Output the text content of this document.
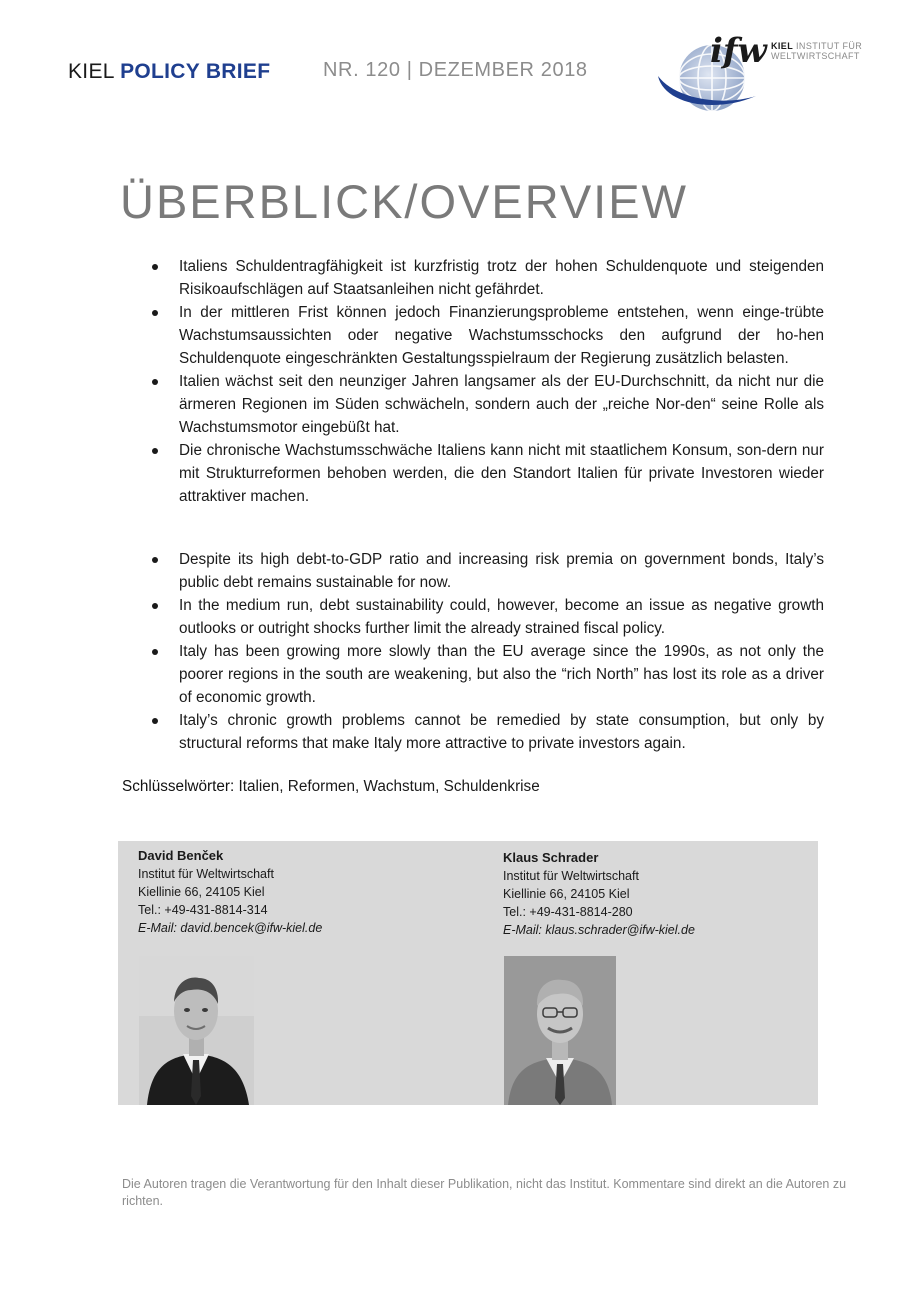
KIEL POLICY BRIEF	NR. 120 | DEZEMBER 2018	ifw KIEL INSTITUT FÜR
WELTWIRTSCHAFT
ÜBERBLICK/OVERVIEW
Italiens Schuldentragfähigkeit ist kurzfristig trotz der hohen Schuldenquote und steigenden Risikoaufschlägen auf Staatsanleihen nicht gefährdet.
In der mittleren Frist können jedoch Finanzierungsprobleme entstehen, wenn einge-trübte Wachstumsaussichten oder negative Wachstumsschocks den aufgrund der ho-hen Schuldenquote eingeschränkten Gestaltungsspielraum der Regierung zusätzlich belasten.
Italien wächst seit den neunziger Jahren langsamer als der EU-Durchschnitt, da nicht nur die ärmeren Regionen im Süden schwächeln, sondern auch der „reiche Nor-den“ seine Rolle als Wachstumsmotor eingebüßt hat.
Die chronische Wachstumsschwäche Italiens kann nicht mit staatlichem Konsum, son-dern nur mit Strukturreformen behoben werden, die den Standort Italien für private Investoren wieder attraktiver machen.
Despite its high debt-to-GDP ratio and increasing risk premia on government bonds, Italy’s public debt remains sustainable for now.
In the medium run, debt sustainability could, however, become an issue as negative growth outlooks or outright shocks further limit the already strained fiscal policy.
Italy has been growing more slowly than the EU average since the 1990s, as not only the poorer regions in the south are weakening, but also the “rich North” has lost its role as a driver of economic growth.
Italy’s chronic growth problems cannot be remedied by state consumption, but only by structural reforms that make Italy more attractive to private investors again.
Schlüsselwörter: Italien, Reformen, Wachstum, Schuldenkrise
David Benček
Institut für Weltwirtschaft
Kiellinie 66, 24105 Kiel
Tel.: +49-431-8814-314
E-Mail: david.bencek@ifw-kiel.de
Klaus Schrader
Institut für Weltwirtschaft
Kiellinie 66, 24105 Kiel
Tel.: +49-431-8814-280
E-Mail: klaus.schrader@ifw-kiel.de
Die Autoren tragen die Verantwortung für den Inhalt dieser Publikation, nicht das Institut. Kommentare sind direkt an die Autoren zu richten.
